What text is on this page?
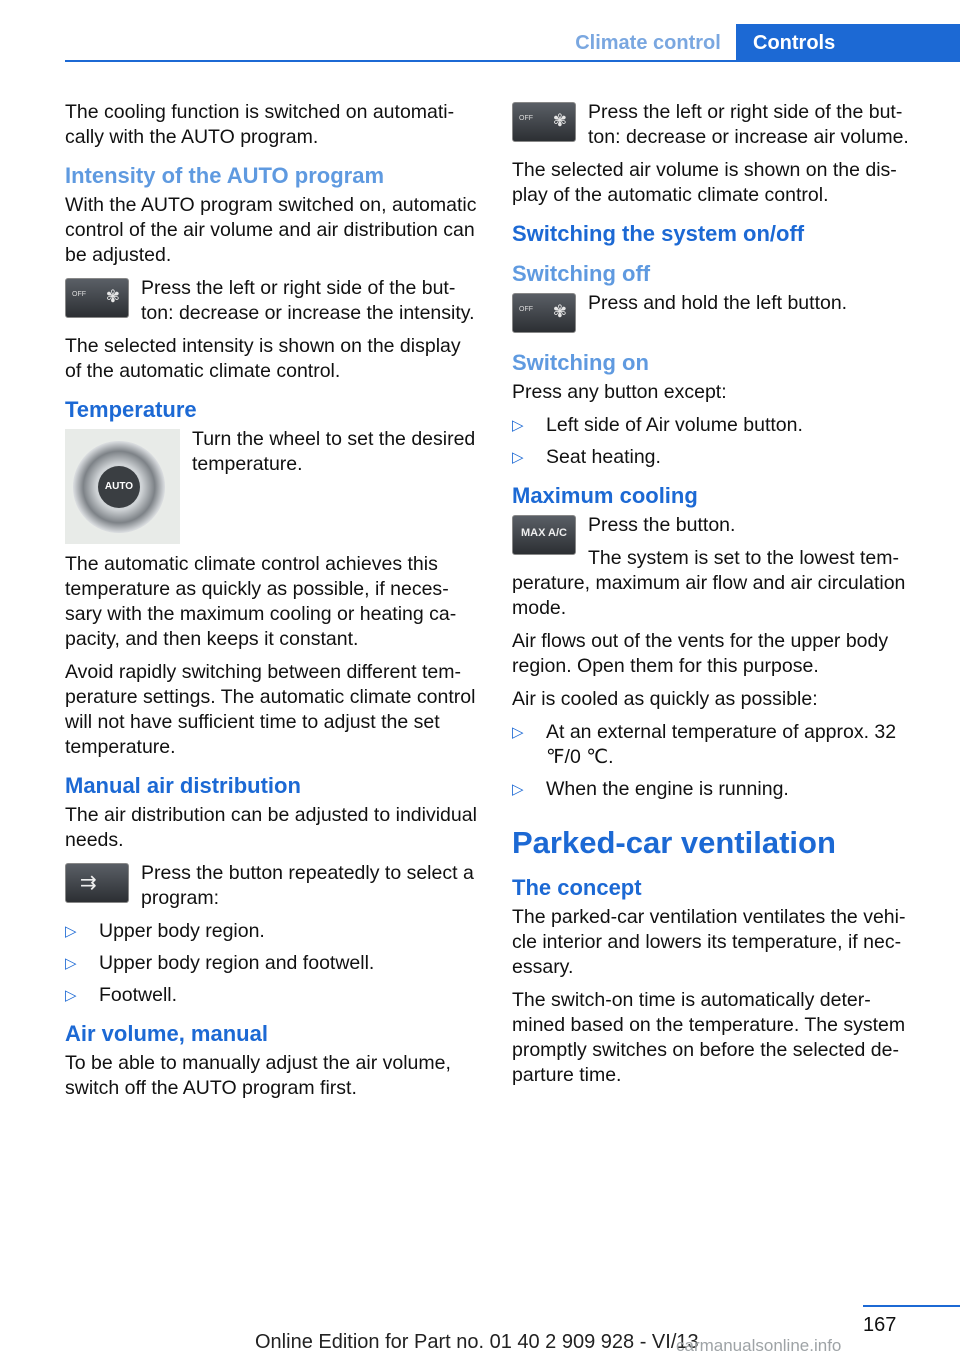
Climate control	Controls

The cooling function is switched on automatically with the AUTO program.

Intensity of the AUTO program

With the AUTO program switched on, automatic control of the air volume and air distribution can be adjusted.

OFF ✾	Press the left or right side of the button: decrease or increase the intensity.

The selected intensity is shown on the display of the automatic climate control.

Temperature
AUTO

Turn the wheel to set the desired temperature.

The automatic climate control achieves this temperature as quickly as possible, if necessary with the maximum cooling or heating capacity, and then keeps it constant.

Avoid rapidly switching between different temperature settings. The automatic climate control will not have sufficient time to adjust the set temperature.

Manual air distribution

The air distribution can be adjusted to individual needs.

⇉	Press the button repeatedly to select a program:

▷ Upper body region.
▷ Upper body region and footwell.
▷ Footwell.
Air volume, manual

To be able to manually adjust the air volume, switch off the AUTO program first.

OFF ✾	Press the left or right side of the button: decrease or increase air volume.

The selected air volume is shown on the display of the automatic climate control.

Switching the system on/off
Switching off
OFF ✾	Press and hold the left button.

Switching on

Press any button except:

▷ Left side of Air volume button.
▷ Seat heating.
Maximum cooling
MAX A/C	Press the button.

The system is set to the lowest temperature, maximum air flow and air circulation mode.

Air flows out of the vents for the upper body region. Open them for this purpose.

Air is cooled as quickly as possible:

▷ At an external temperature of approx. 32 ℉/0 ℃.
▷ When the engine is running.
Parked-car ventilation
The concept

The parked-car ventilation ventilates the vehicle interior and lowers its temperature, if necessary.

The switch-on time is automatically determined based on the temperature. The system promptly switches on before the selected departure time.

167
Online Edition for Part no. 01 40 2 909 928 - VI/13
carmanualsonline.info
